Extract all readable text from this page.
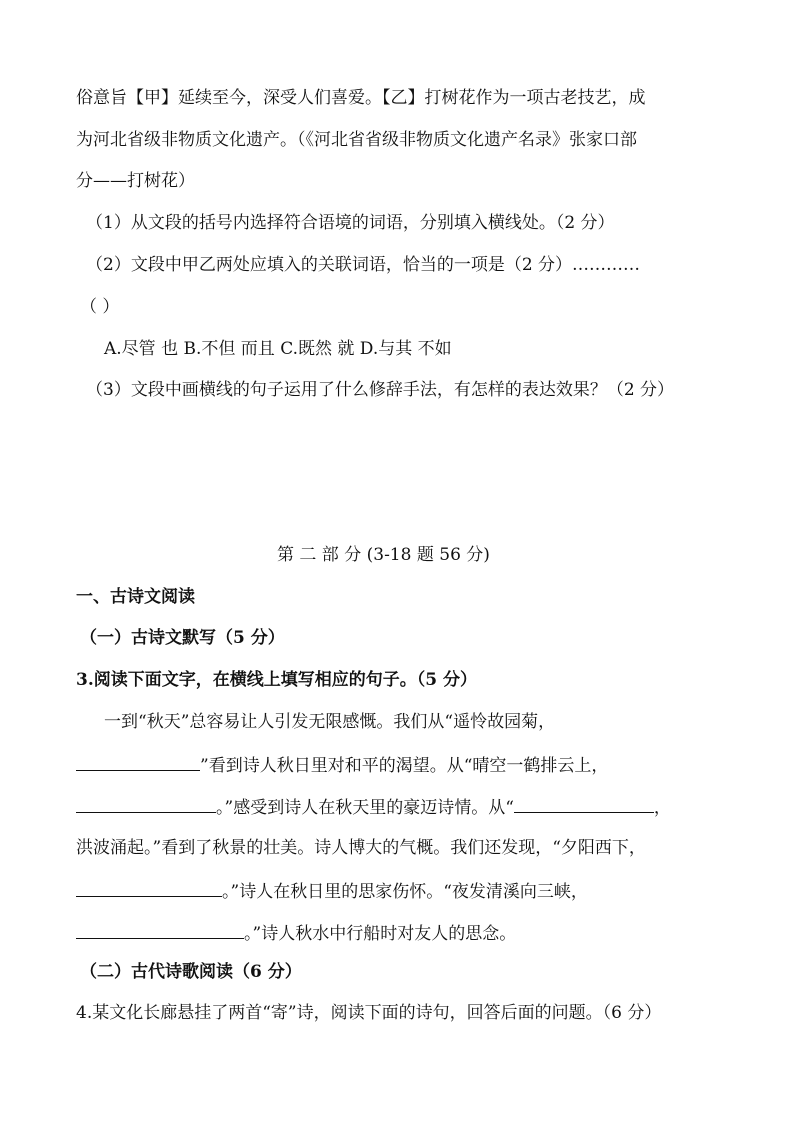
俗意旨【甲】延续至今，深受人们喜爱。【乙】打树花作为一项古老技艺，成
为河北省级非物质文化遗产。（《河北省省级非物质文化遗产名录》张家口部
分——打树花）
（1）从文段的括号内选择符合语境的词语，分别填入横线处。（2 分）
（2）文段中甲乙两处应填入的关联词语，恰当的一项是（2 分）…………
（ ）
A.尽管 也 B.不但 而且 C.既然 就 D.与其 不如
（3）文段中画横线的句子运用了什么修辞手法，有怎样的表达效果？（2 分）
第 二 部 分 (3-18 题 56 分)
一、古诗文阅读
（一）古诗文默写（5 分）
3.阅读下面文字，在横线上填写相应的句子。（5 分）
一到“秋天”总容易让人引发无限感慨。我们从“遥怜故园菊，
”看到诗人秋日里对和平的渴望。从“晴空一鹤排云上，
。”感受到诗人在秋天里的豪迈诗情。从“	，
洪波涌起。”看到了秋景的壮美。诗人博大的气概。我们还发现，“夕阳西下，
。”诗人在秋日里的思家伤怀。“夜发清溪向三峡，
。”诗人秋水中行船时对友人的思念。
（二）古代诗歌阅读（6 分）
4.某文化长廊悬挂了两首“寄”诗，阅读下面的诗句，回答后面的问题。（6 分）
